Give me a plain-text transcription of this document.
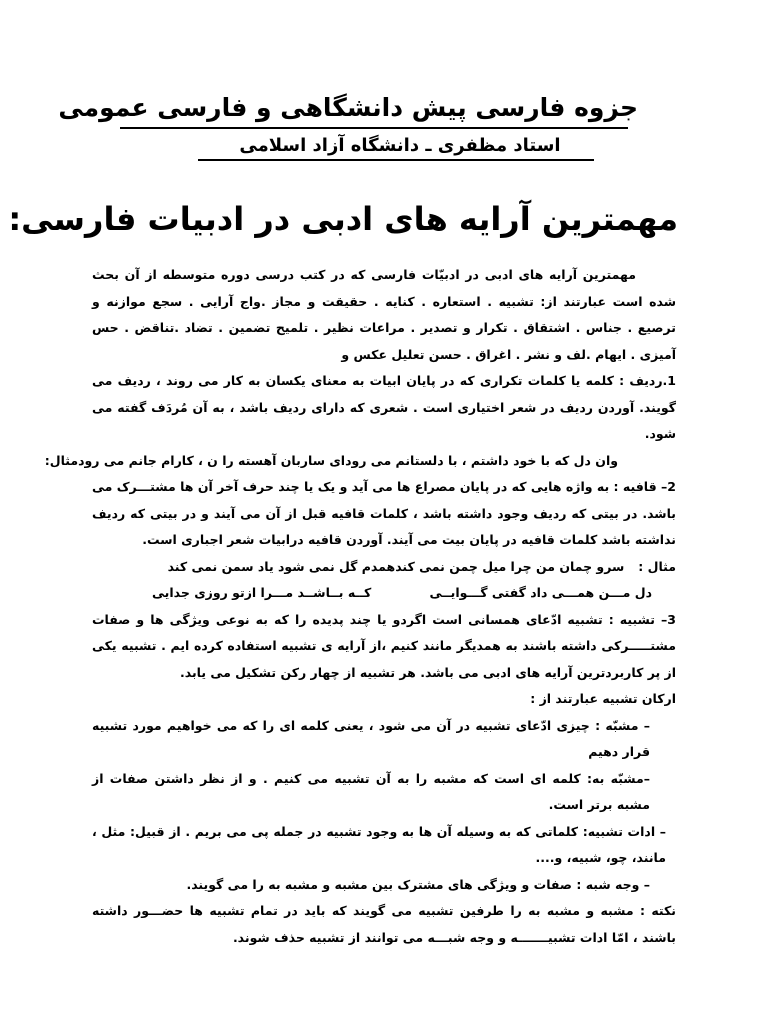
جزوه فارسی پیش دانشگاهی و فارسی عمومی
استاد مظفری ـ دانشگاه آزاد اسلامی
مهمترین آرایه های ادبی در ادبیات فارسی:

مهمترین آرایه های ادبی در ادبیّات فارسی که در کتب درسی دوره متوسطه از آن بحث شده است عبارتند از: تشبیه . استعاره . کنایه . حقیقت و مجاز .واج آرایی . سجع موازنه و ترصیع . جناس . اشتقاق . تکرار و تصدیر . مراعات نظیر . تلمیح تضمین . تضاد .تناقض . حس آمیزی . ایهام .لف و نشر . اغراق . حسن تعلیل عکس و

1.ردیف : کلمه یا کلمات تکراری که در پایان ابیات به معنای یکسان به کار می روند ، ردیف می گویند. آوردن ردیف در شعر اختیاری است . شعری که دارای ردیف باشد ، به آن مُردَف گفته می شود.

وان دل که با خود داشتم ، با دلستانم می رود
ای ساربان آهسته را ن ، کارام جانم می رود
مثال:

2– قافیه : به واژه هایی که در پایان مصراع ها می آید و یک یا چند حرف آخر آن ها مشتـــرک می باشد. در بیتی که ردیف وجود داشته باشد ، کلمات قافیه قبل از آن می آیند و در بیتی که ردیف نداشته باشد کلمات قافیه در پایان بیت می آیند. آوردن قافیه درابیات شعر اجباری است.

مثال :
سرو چمان من چرا میل چمن نمی کند
همدم گل نمی شود یاد سمن نمی کند
دل مـــن همـــی داد گفتی گـــوایــی
کــه بــاشــد مـــرا ازتو روزی جدایی

3– تشبیه : تشبیه ادّعای همسانی است اگردو یا چند پدیده را که به نوعی ویژگی ها و صفات مشتـــــرکی داشته باشند به همدیگر مانند کنیم ،از آرایه ی تشبیه استفاده کرده ایم . تشبیه یکی از پر کاربردترین آرایه های ادبی می باشد. هر تشبیه از چهار رکن تشکیل می یابد.

ارکان تشبیه عبارتند از :

– مشبّه : چیزی ادّعای تشبیه در آن می شود ، یعنی کلمه ای را که می خواهیم مورد تشبیه قرار دهیم

–مشبّه به: کلمه ای است که مشبه را به آن تشبیه می کنیم . و از نظر داشتن صفات از مشبه برتر است.

– ادات تشبیه: کلماتی که به وسیله آن ها به وجود تشبیه در جمله پی می بریم . از قبیل: مثل ، مانند، چو، شبیه، و....

– وجه شبه : صفات و ویژگی های مشترک بین مشبه و مشبه به را می گویند.

نکته : مشبه و مشبه به را طرفین تشبیه می گویند که باید در تمام تشبیه ها حضـــور داشته باشند ، امّا ادات تشبیـــــــه و وجه شبـــه می توانند از تشبیه حذف شوند.
